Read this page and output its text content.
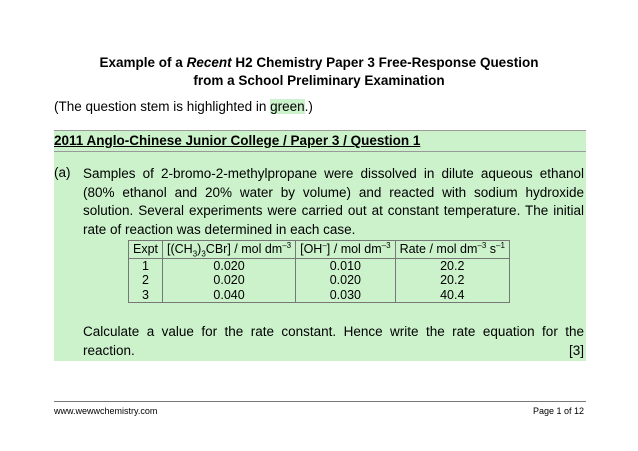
Example of a Recent H2 Chemistry Paper 3 Free-Response Question
from a School Preliminary Examination
(The question stem is highlighted in green.)
2011 Anglo-Chinese Junior College / Paper 3 / Question 1
(a) Samples of 2-bromo-2-methylpropane were dissolved in dilute aqueous ethanol (80% ethanol and 20% water by volume) and reacted with sodium hydroxide solution. Several experiments were carried out at constant temperature. The initial rate of reaction was determined in each case.
Expt	$[(CH_3)_3CBr]$ / mol $dm^{-3}$	[OH–] / mol $dm^{-3}$	Rate / mol $dm^{-3}$ $s^{-1}$
1	0.020	0.010	20.2
2	0.020	0.020	20.2
3	0.040	0.030	40.4
Calculate a value for the rate constant. Hence write the rate equation for the reaction.	[3]
www.wewwchemistry.com	Page 1 of 12
